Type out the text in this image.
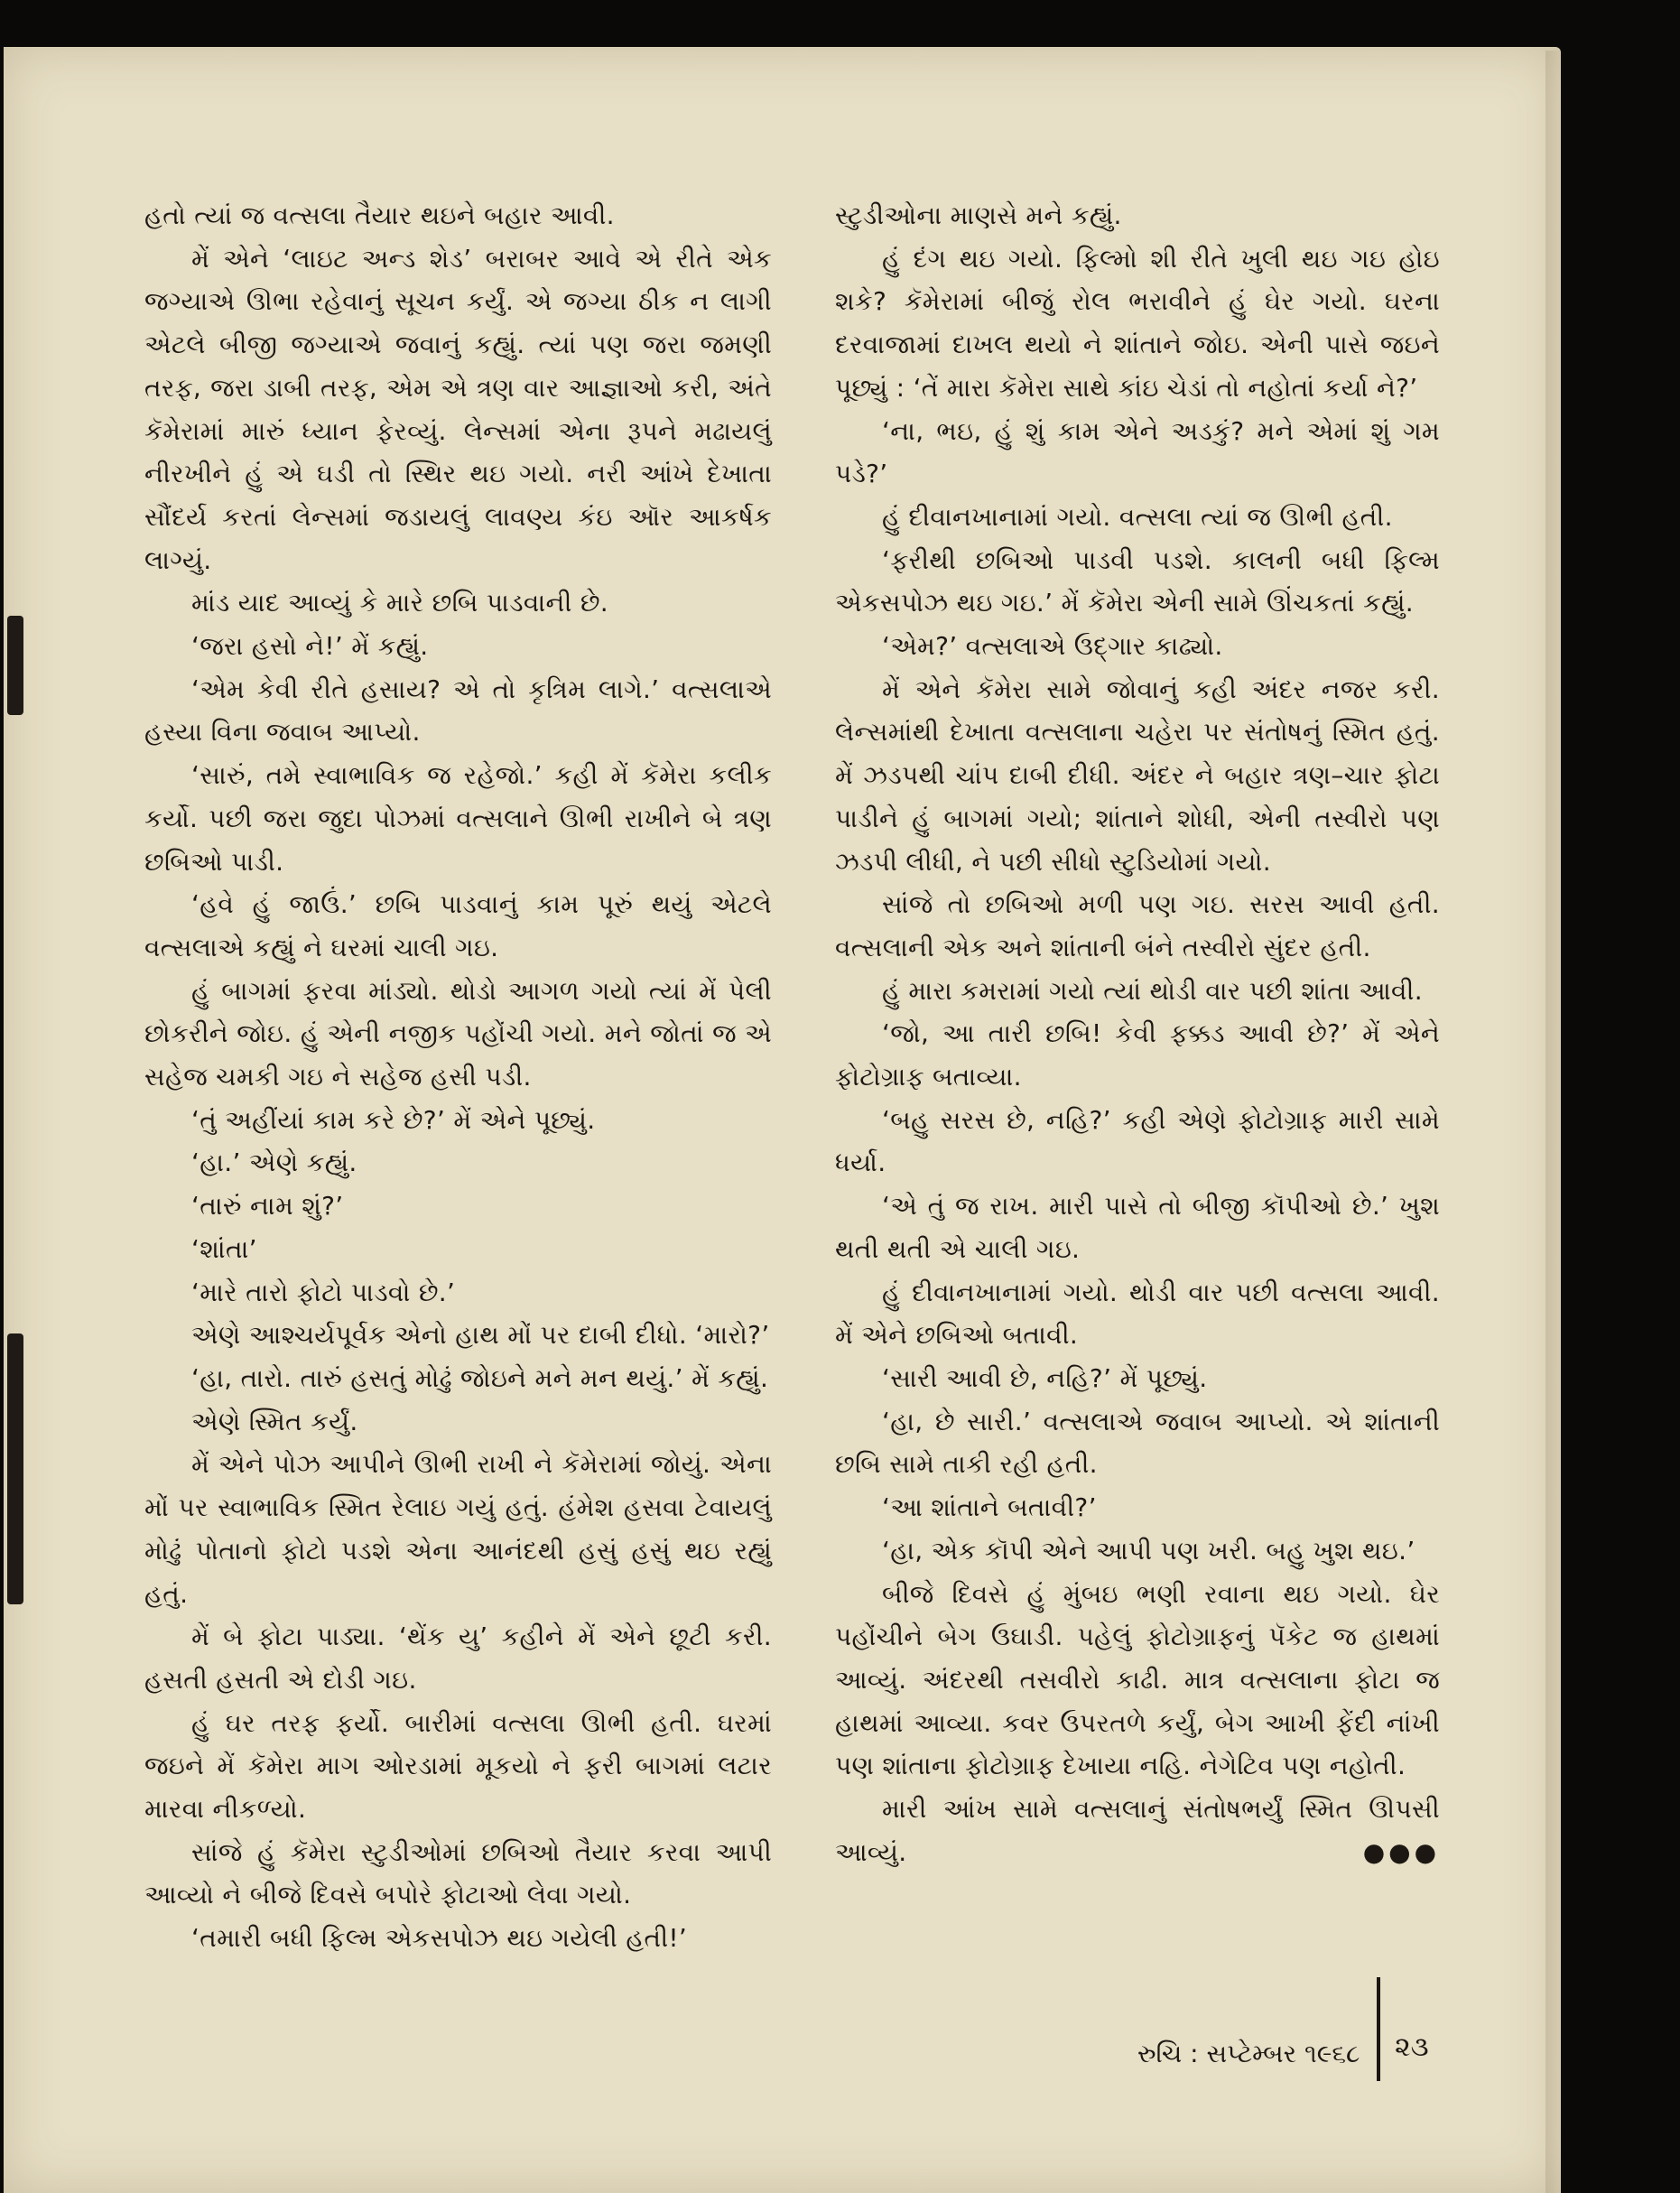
હતો ત્યાં જ વત્સલા તૈયાર થઇને બહાર આવી.

મેં એને ‘લાઇટ અન્ડ શેડ’ બરાબર આવે એ રીતે એક જગ્યાએ ઊભા રહેવાનું સૂચન કર્યું. એ જગ્યા ઠીક ન લાગી એટલે બીજી જગ્યાએ જવાનું કહ્યું. ત્યાં પણ જરા જમણી તરફ, જરા ડાબી તરફ, એમ એ ત્રણ વાર આજ્ઞાઓ કરી, અંતે કૅમેરામાં મારું ધ્યાન ફેરવ્યું. લેન્સમાં એના રૂપને મઢાયલું નીરખીને હું એ ઘડી તો સ્થિર થઇ ગયો. નરી આંખે દેખાતા સૌંદર્ય કરતાં લેન્સમાં જડાયલું લાવણ્ય કંઇ ઑર આકર્ષક લાગ્યું.

માંડ યાદ આવ્યું કે મારે છબિ પાડવાની છે.

‘જરા હસો ને!’ મેં કહ્યું.

‘એમ કેવી રીતે હસાય? એ તો કૃત્રિમ લાગે.’ વત્સલાએ હસ્યા વિના જવાબ આપ્યો.

‘સારું, તમે સ્વાભાવિક જ રહેજો.’ કહી મેં કૅમેરા કલીક કર્યો. પછી જરા જુદા પોઝમાં વત્સલાને ઊભી રાખીને બે ત્રણ છબિઓ પાડી.

‘હવે હું જાઉં.’ છબિ પાડવાનું કામ પૂરું થયું એટલે વત્સલાએ કહ્યું ને ઘરમાં ચાલી ગઇ.

હું બાગમાં ફરવા માંડ્યો. થોડો આગળ ગયો ત્યાં મેં પેલી છોકરીને જોઇ. હું એની નજીક પહોંચી ગયો. મને જોતાં જ એ સહેજ ચમકી ગઇ ને સહેજ હસી પડી.

‘તું અહીંયાં કામ કરે છે?’ મેં એને પૂછ્યું.

‘હા.’ એણે કહ્યું.

‘તારું નામ શું?’

‘શાંતા’

‘મારે તારો ફોટો પાડવો છે.’

એણે આશ્ચર્યપૂર્વક એનો હાથ મોં પર દાબી દીધો. ‘મારો?’

‘હા, તારો. તારું હસતું મોઢું જોઇને મને મન થયું.’ મેં કહ્યું.

એણે સ્મિત કર્યું.

મેં એને પોઝ આપીને ઊભી રાખી ને કૅમેરામાં જોયું. એના મોં પર સ્વાભાવિક સ્મિત રેલાઇ ગયું હતું. હંમેશ હસવા ટેવાયલું મોઢું પોતાનો ફોટો પડશે એના આનંદથી હસું હસું થઇ રહ્યું હતું.

મેં બે ફોટા પાડ્યા. ‘થેંક યુ’ કહીને મેં એને છૂટી કરી. હસતી હસતી એ દોડી ગઇ.

હું ઘર તરફ ફર્યો. બારીમાં વત્સલા ઊભી હતી. ઘરમાં જઇને મેં કૅમેરા માગ ઓરડામાં મૂકયો ને ફરી બાગમાં લટાર મારવા નીકળ્યો.

સાંજે હું કૅમેરા સ્ટુડીઓમાં છબિઓ તૈયાર કરવા આપી આવ્યો ને બીજે દિવસે બપોરે ફોટાઓ લેવા ગયો.

‘તમારી બધી ફિલ્મ એકસપોઝ થઇ ગયેલી હતી!’

સ્ટુડીઓના માણસે મને કહ્યું.

હું દંગ થઇ ગયો. ફિલ્મો શી રીતે ખુલી થઇ ગઇ હોઇ શકે? કૅમેરામાં બીજું રોલ ભરાવીને હું ઘેર ગયો. ઘરના દરવાજામાં દાખલ થયો ને શાંતાને જોઇ. એની પાસે જઇને પૂછ્યું : ‘તેં મારા કૅમેરા સાથે કાંઇ ચેડાં તો નહોતાં કર્યા ને?’

‘ના, ભઇ, હું શું કામ એને અડકું? મને એમાં શું ગમ પડે?’

હું દીવાનખાનામાં ગયો. વત્સલા ત્યાં જ ઊભી હતી.

‘ફરીથી છબિઓ પાડવી પડશે. કાલની બધી ફિલ્મ એકસપોઝ થઇ ગઇ.’ મેં કૅમેરા એની સામે ઊંચકતાં કહ્યું.

‘એમ?’ વત્સલાએ ઉદ્ગાર કાઢ્યો.

મેં એને કૅમેરા સામે જોવાનું કહી અંદર નજર કરી. લેન્સમાંથી દેખાતા વત્સલાના ચહેરા પર સંતોષનું સ્મિત હતું. મેં ઝડપથી ચાંપ દાબી દીધી. અંદર ને બહાર ત્રણ–ચાર ફોટા પાડીને હું બાગમાં ગયો; શાંતાને શોધી, એની તસ્વીરો પણ ઝડપી લીધી, ને પછી સીધો સ્ટુડિયોમાં ગયો.

સાંજે તો છબિઓ મળી પણ ગઇ. સરસ આવી હતી. વત્સલાની એક અને શાંતાની બંને તસ્વીરો સુંદર હતી.

હું મારા કમરામાં ગયો ત્યાં થોડી વાર પછી શાંતા આવી.

‘જો, આ તારી છબિ! કેવી ફક્કડ આવી છે?’ મેં એને ફોટોગ્રાફ બતાવ્યા.

‘બહુ સરસ છે, નહિ?’ કહી એણે ફોટોગ્રાફ મારી સામે ધર્યા.

‘એ તું જ રાખ. મારી પાસે તો બીજી કૉપીઓ છે.’ ખુશ થતી થતી એ ચાલી ગઇ.

હું દીવાનખાનામાં ગયો. થોડી વાર પછી વત્સલા આવી. મેં એને છબિઓ બતાવી.

‘સારી આવી છે, નહિ?’ મેં પૂછ્યું.

‘હા, છે સારી.’ વત્સલાએ જવાબ આપ્યો. એ શાંતાની છબિ સામે તાકી રહી હતી.

‘આ શાંતાને બતાવી?’

‘હા, એક કૉપી એને આપી પણ ખરી. બહુ ખુશ થઇ.’

બીજે દિવસે હું મુંબઇ ભણી રવાના થઇ ગયો. ઘેર પહોંચીને બેગ ઉઘાડી. પહેલું ફોટોગ્રાફનું પૅકેટ જ હાથમાં આવ્યું. અંદરથી તસવીરો કાઢી. માત્ર વત્સલાના ફોટા જ હાથમાં આવ્યા. કવર ઉપરતળે કર્યું, બેગ આખી ફેંદી નાંખી પણ શાંતાના ફોટોગ્રાફ દેખાયા નહિ. નેગેટિવ પણ નહોતી.

મારી આંખ સામે વત્સલાનું સંતોષભર્યું સ્મિત ઊપસી આવ્યું.	●●●
રુચિ : સપ્ટેમ્બર ૧૯૬૮ ૨૩
